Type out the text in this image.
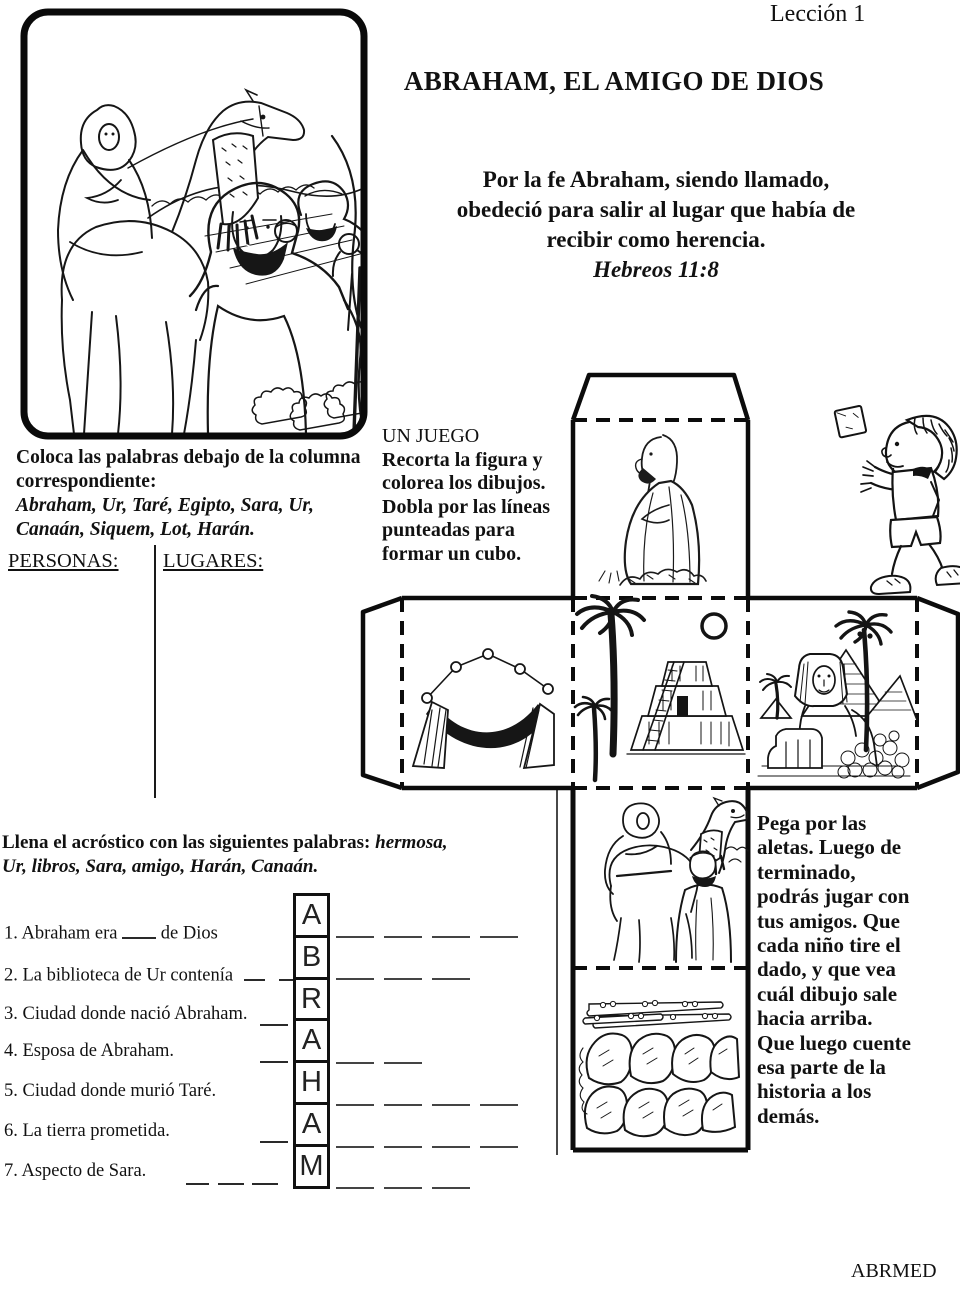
Lección 1
ABRAHAM, EL AMIGO DE DIOS
Por la fe Abraham, siendo llamado,
obedeció para salir al lugar que había de
recibir como herencia.
Hebreos 11:8
Coloca las palabras debajo de la columna correspondiente:
Abraham, Ur, Taré, Egipto, Sara, Ur, Canaán, Siquem, Lot, Harán.
PERSONAS: LUGARES:
UN JUEGO
Recorta la figura y
colorea los dibujos.
Dobla por las líneas
punteadas para
formar un cubo.
Pega por las
aletas. Luego de
terminado,
podrás jugar con
tus amigos. Que
cada niño tire el
dado, y que vea
cuál dibujo sale
hacia arriba.
Que luego cuente
esa parte de la
historia a los
demás.
Llena el acróstico con las siguientes palabras: hermosa, Ur, libros, Sara, amigo, Harán, Canaán.
1. Abraham era de Dios
2. La biblioteca de Ur contenía
3. Ciudad donde nació Abraham.
4. Esposa de Abraham.
5. Ciudad donde murió Taré.
6. La tierra prometida.
7. Aspecto de Sara.
A
B
R
A
H
A
M
ABRMED
